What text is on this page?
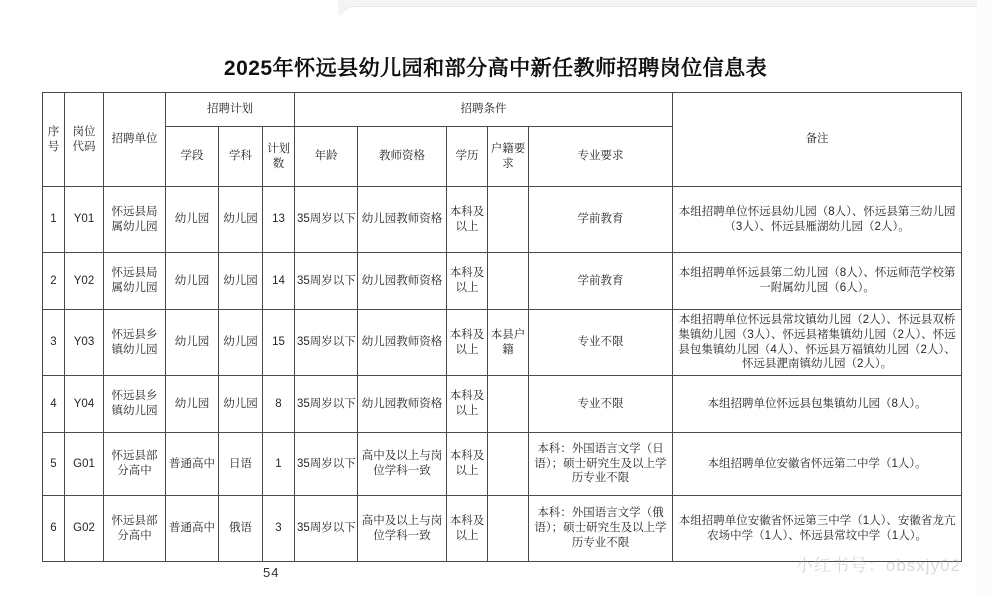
2025年怀远县幼儿园和部分高中新任教师招聘岗位信息表
序号	岗位代码	招聘单位	招聘计划			招聘条件					备注
			学段	学科	计划数	年龄	教师资格	学历	户籍要求	专业要求	
1	Y01	怀远县局属幼儿园	幼儿园	幼儿园	13	35周岁以下	幼儿园教师资格	本科及以上		学前教育	本组招聘单位怀远县幼儿园（8人）、怀远县第三幼儿园（3人）、怀远县雁湖幼儿园（2人）。
2	Y02	怀远县局属幼儿园	幼儿园	幼儿园	14	35周岁以下	幼儿园教师资格	本科及以上		学前教育	本组招聘单怀远县第二幼儿园（8人）、怀远师范学校第一附属幼儿园（6人）。
3	Y03	怀远县乡镇幼儿园	幼儿园	幼儿园	15	35周岁以下	幼儿园教师资格	本科及以上	本县户籍	专业不限	本组招聘单位怀远县常坟镇幼儿园（2人）、怀远县双桥集镇幼儿园（3人）、怀远县褚集镇幼儿园（2人）、怀远县包集镇幼儿园（4人）、怀远县万福镇幼儿园（2人）、怀远县淝南镇幼儿园（2人）。
4	Y04	怀远县乡镇幼儿园	幼儿园	幼儿园	8	35周岁以下	幼儿园教师资格	本科及以上		专业不限	本组招聘单位怀远县包集镇幼儿园（8人）。
5	G01	怀远县部分高中	普通高中	日语	1	35周岁以下	高中及以上与岗位学科一致	本科及以上		本科：外国语言文学（日语）；硕士研究生及以上学历专业不限	本组招聘单位安徽省怀远第二中学（1人）。
6	G02	怀远县部分高中	普通高中	俄语	3	35周岁以下	高中及以上与岗位学科一致	本科及以上		本科：外国语言文学（俄语）；硕士研究生及以上学历专业不限	本组招聘单位安徽省怀远第三中学（1人）、安徽省龙亢农场中学（1人）、怀远县常坟中学（1人）。
54	小红书号：obsxjy02
